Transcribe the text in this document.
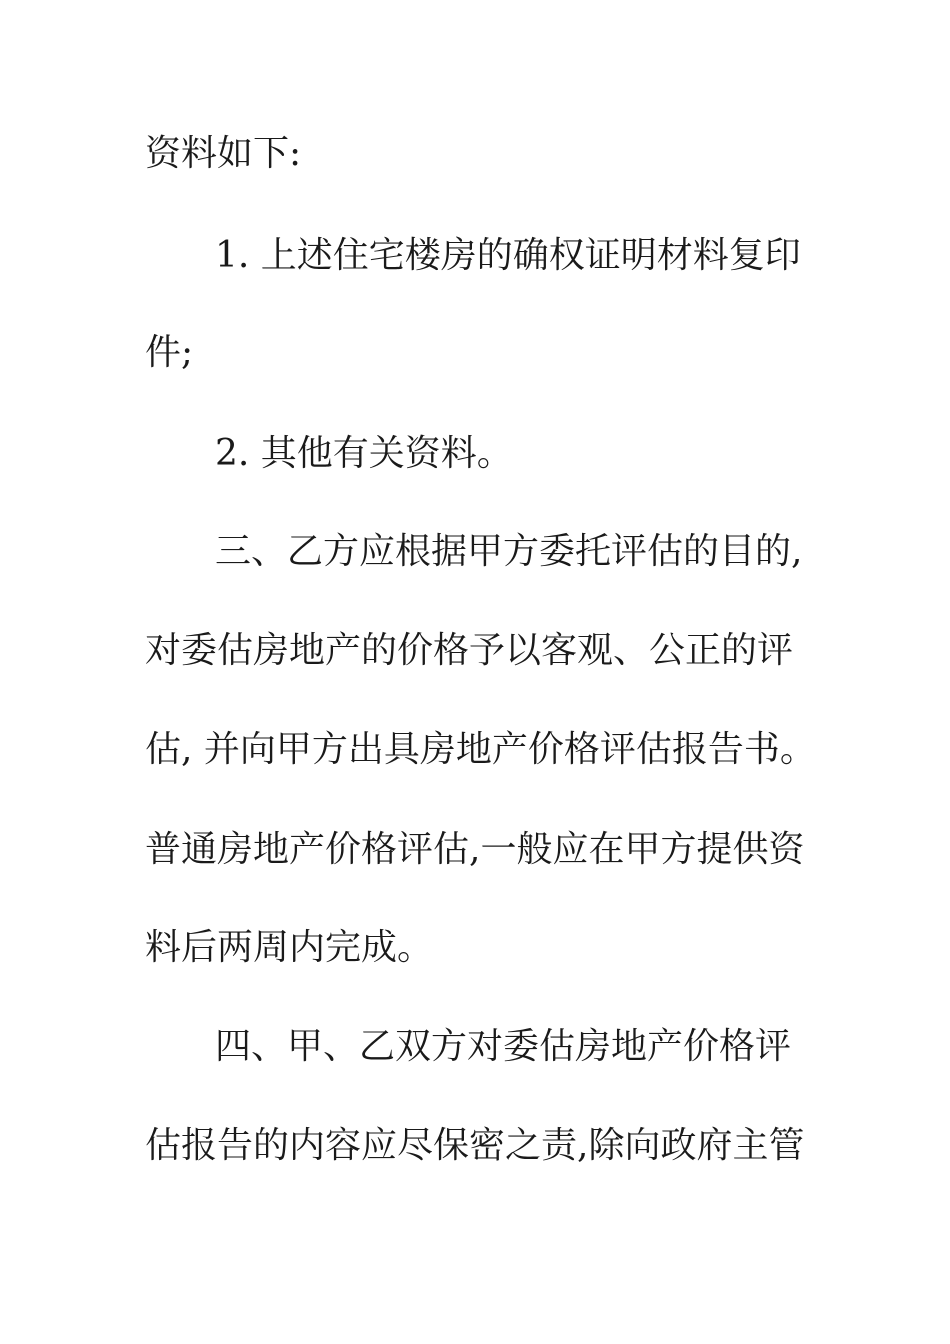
资料如下:
1. 上述住宅楼房的确权证明材料复印
件;
2. 其他有关资料。
三、乙方应根据甲方委托评估的目的,
对委估房地产的价格予以客观、公正的评
估, 并向甲方出具房地产价格评估报告书。
普通房地产价格评估,一般应在甲方提供资
料后两周内完成。
四、甲、乙双方对委估房地产价格评
估报告的内容应尽保密之责,除向政府主管
